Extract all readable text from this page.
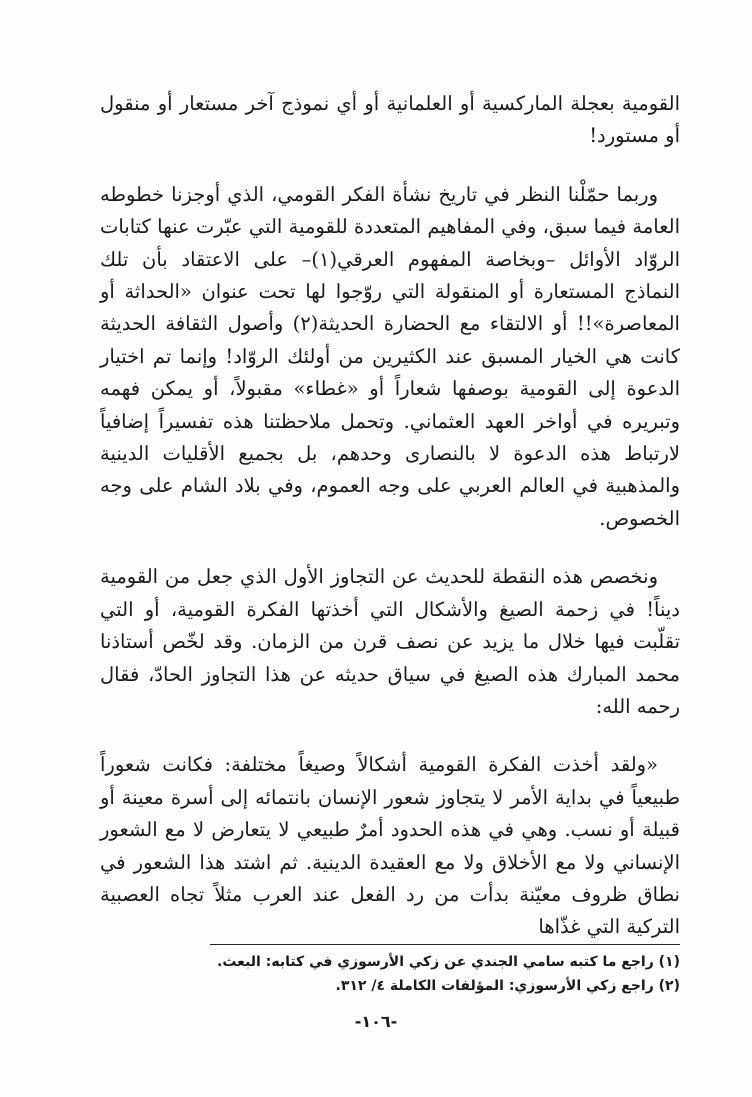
القومية بعجلة الماركسية أو العلمانية أو أي نموذج آخر مستعار أو منقول أو مستورد!

وربما حمّلْنا النظر في تاريخ نشأة الفكر القومي، الذي أوجزنا خطوطه العامة فيما سبق، وفي المفاهيم المتعددة للقومية التي عبّرت عنها كتابات الروّاد الأوائل –وبخاصة المفهوم العرقي(١)– على الاعتقاد بأن تلك النماذج المستعارة أو المنقولة التي روّجوا لها تحت عنوان «الحداثة أو المعاصرة»!! أو الالتقاء مع الحضارة الحديثة(٢) وأصول الثقافة الحديثة كانت هي الخيار المسبق عند الكثيرين من أولئك الروّاد! وإنما تم اختيار الدعوة إلى القومية بوصفها شعاراً أو «غطاء» مقبولاً، أو يمكن فهمه وتبريره في أواخر العهد العثماني. وتحمل ملاحظتنا هذه تفسيراً إضافياً لارتباط هذه الدعوة لا بالنصارى وحدهم، بل بجميع الأقليات الدينية والمذهبية في العالم العربي على وجه العموم، وفي بلاد الشام على وجه الخصوص.

ونخصص هذه النقطة للحديث عن التجاوز الأول الذي جعل من القومية ديناً! في زحمة الصيغ والأشكال التي أخذتها الفكرة القومية، أو التي تقلّبت فيها خلال ما يزيد عن نصف قرن من الزمان. وقد لخّص أستاذنا محمد المبارك هذه الصيغ في سياق حديثه عن هذا التجاوز الحادّ، فقال رحمه الله:

«ولقد أخذت الفكرة القومية أشكالاً وصيغاً مختلفة: فكانت شعوراً طبيعياً في بداية الأمر لا يتجاوز شعور الإنسان بانتمائه إلى أسرة معينة أو قبيلة أو نسب. وهي في هذه الحدود أمرٌ طبيعي لا يتعارض لا مع الشعور الإنساني ولا مع الأخلاق ولا مع العقيدة الدينية. ثم اشتد هذا الشعور في نطاق ظروف معيّنة بدأت من رد الفعل عند العرب مثلاً تجاه العصبية التركية التي غذّاها

(١) راجع ما كتبه سامي الجندي عن زكي الأرسوزي في كتابه: البعث.
(٢) راجع زكي الأرسوزي: المؤلفات الكاملة ٤/ ٣١٢.
-١٠٦-
